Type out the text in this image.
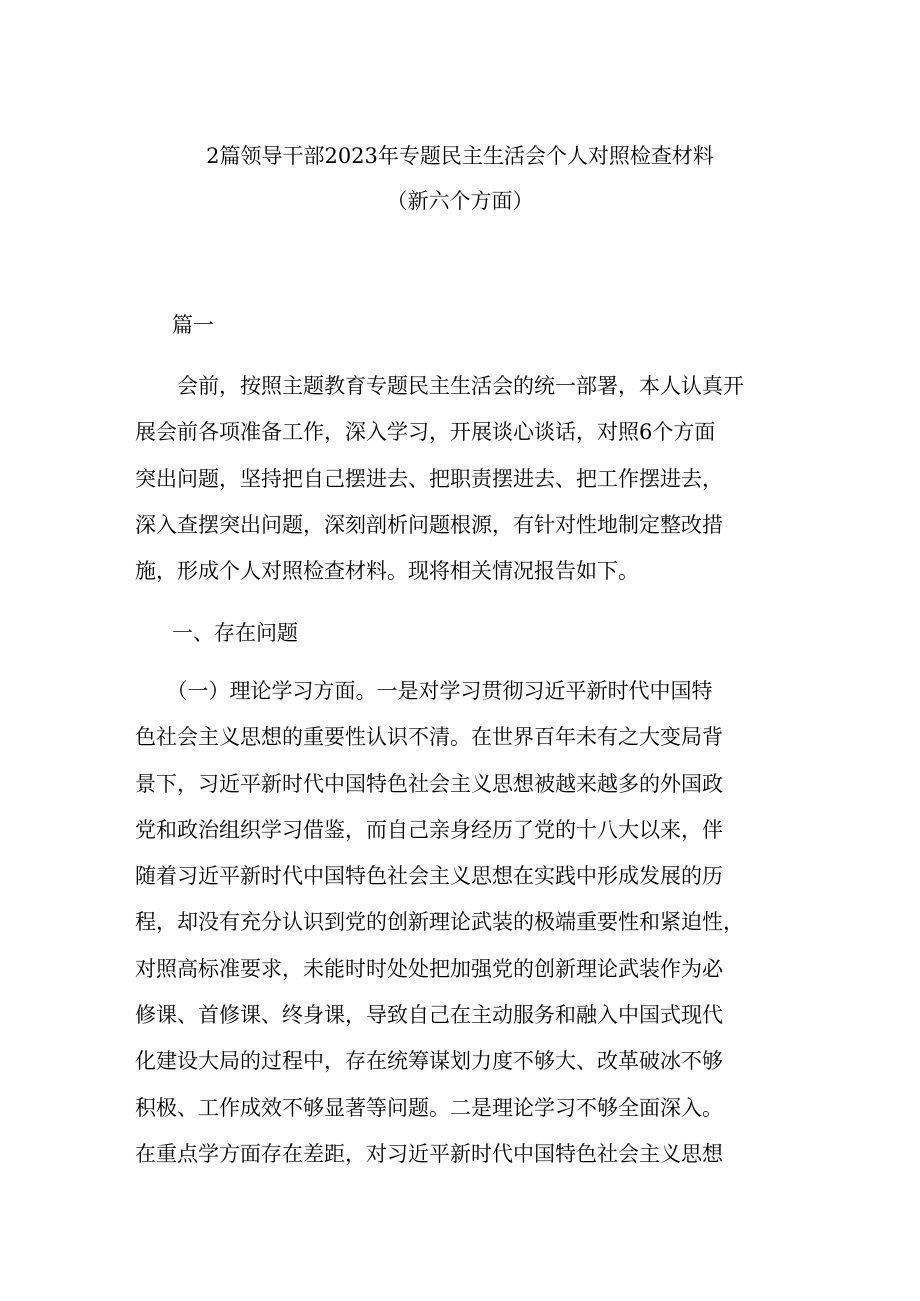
2篇领导干部2023年专题民主生活会个人对照检查材料
（新六个方面）
篇一
　　会前，按照主题教育专题民主生活会的统一部署，本人认真开
展会前各项准备工作，深入学习，开展谈心谈话，对照6个方面
突出问题，坚持把自己摆进去、把职责摆进去、把工作摆进去，
深入查摆突出问题，深刻剖析问题根源，有针对性地制定整改措
施，形成个人对照检查材料。现将相关情况报告如下。
一、存在问题
　　（一）理论学习方面。一是对学习贯彻习近平新时代中国特
色社会主义思想的重要性认识不清。在世界百年未有之大变局背
景下，习近平新时代中国特色社会主义思想被越来越多的外国政
党和政治组织学习借鉴，而自己亲身经历了党的十八大以来，伴
随着习近平新时代中国特色社会主义思想在实践中形成发展的历
程，却没有充分认识到党的创新理论武装的极端重要性和紧迫性，
对照高标准要求，未能时时处处把加强党的创新理论武装作为必
修课、首修课、终身课，导致自己在主动服务和融入中国式现代
化建设大局的过程中，存在统筹谋划力度不够大、改革破冰不够
积极、工作成效不够显著等问题。二是理论学习不够全面深入。
在重点学方面存在差距，对习近平新时代中国特色社会主义思想
